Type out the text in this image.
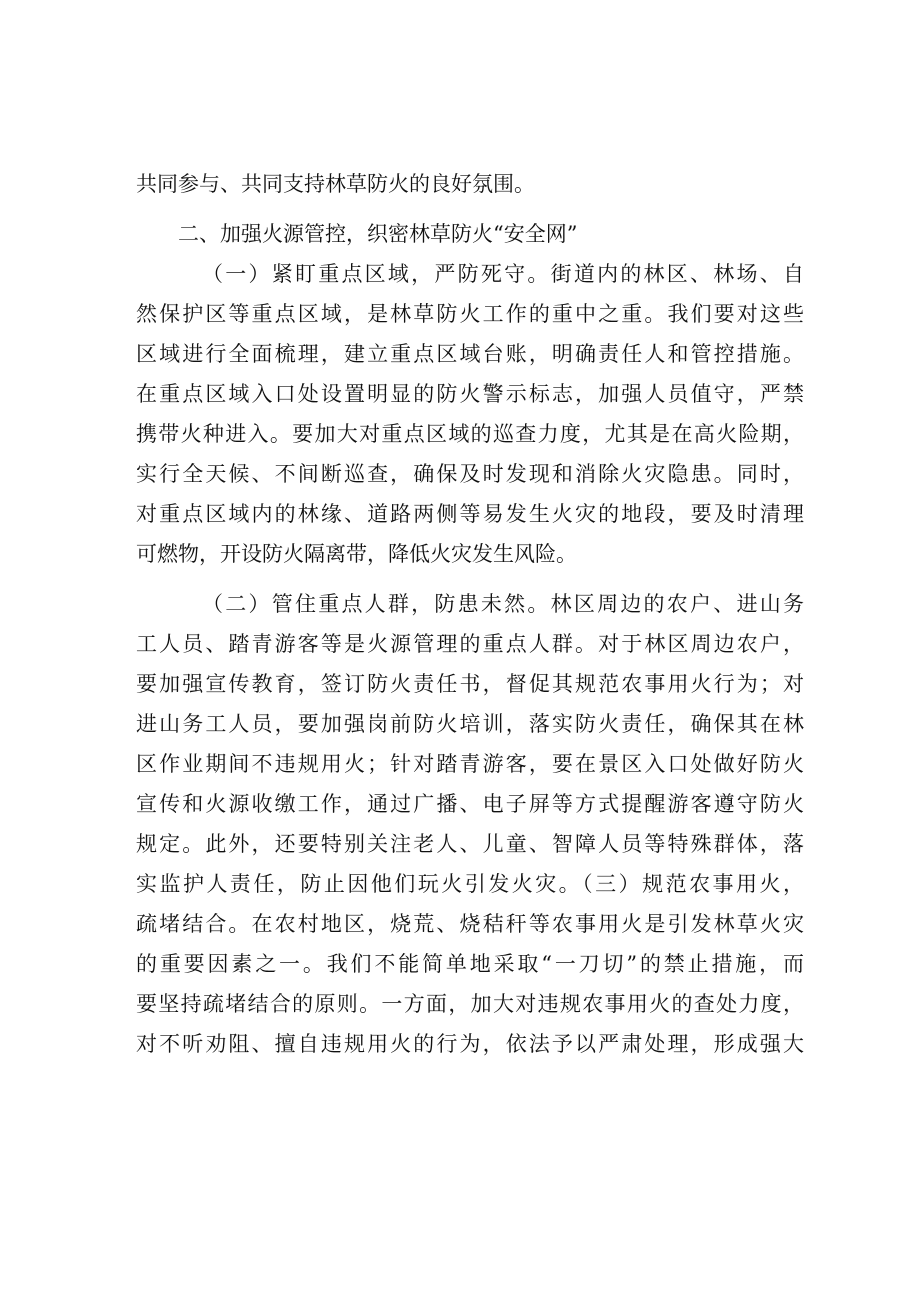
共同参与、共同支持林草防火的良好氛围。
二、加强火源管控，织密林草防火“安全网”
（一）紧盯重点区域，严防死守。街道内的林区、林场、自
然保护区等重点区域，是林草防火工作的重中之重。我们要对这些
区域进行全面梳理，建立重点区域台账，明确责任人和管控措施。
在重点区域入口处设置明显的防火警示标志，加强人员值守，严禁
携带火种进入。要加大对重点区域的巡查力度，尤其是在高火险期，
实行全天候、不间断巡查，确保及时发现和消除火灾隐患。同时，
对重点区域内的林缘、道路两侧等易发生火灾的地段，要及时清理
可燃物，开设防火隔离带，降低火灾发生风险。
（二）管住重点人群，防患未然。林区周边的农户、进山务
工人员、踏青游客等是火源管理的重点人群。对于林区周边农户，
要加强宣传教育，签订防火责任书，督促其规范农事用火行为；对
进山务工人员，要加强岗前防火培训，落实防火责任，确保其在林
区作业期间不违规用火；针对踏青游客，要在景区入口处做好防火
宣传和火源收缴工作，通过广播、电子屏等方式提醒游客遵守防火
规定。此外，还要特别关注老人、儿童、智障人员等特殊群体，落
实监护人责任，防止因他们玩火引发火灾。（三）规范农事用火，
疏堵结合。在农村地区，烧荒、烧秸秆等农事用火是引发林草火灾
的重要因素之一。我们不能简单地采取“一刀切”的禁止措施，而
要坚持疏堵结合的原则。一方面，加大对违规农事用火的查处力度，
对不听劝阻、擅自违规用火的行为，依法予以严肃处理，形成强大
